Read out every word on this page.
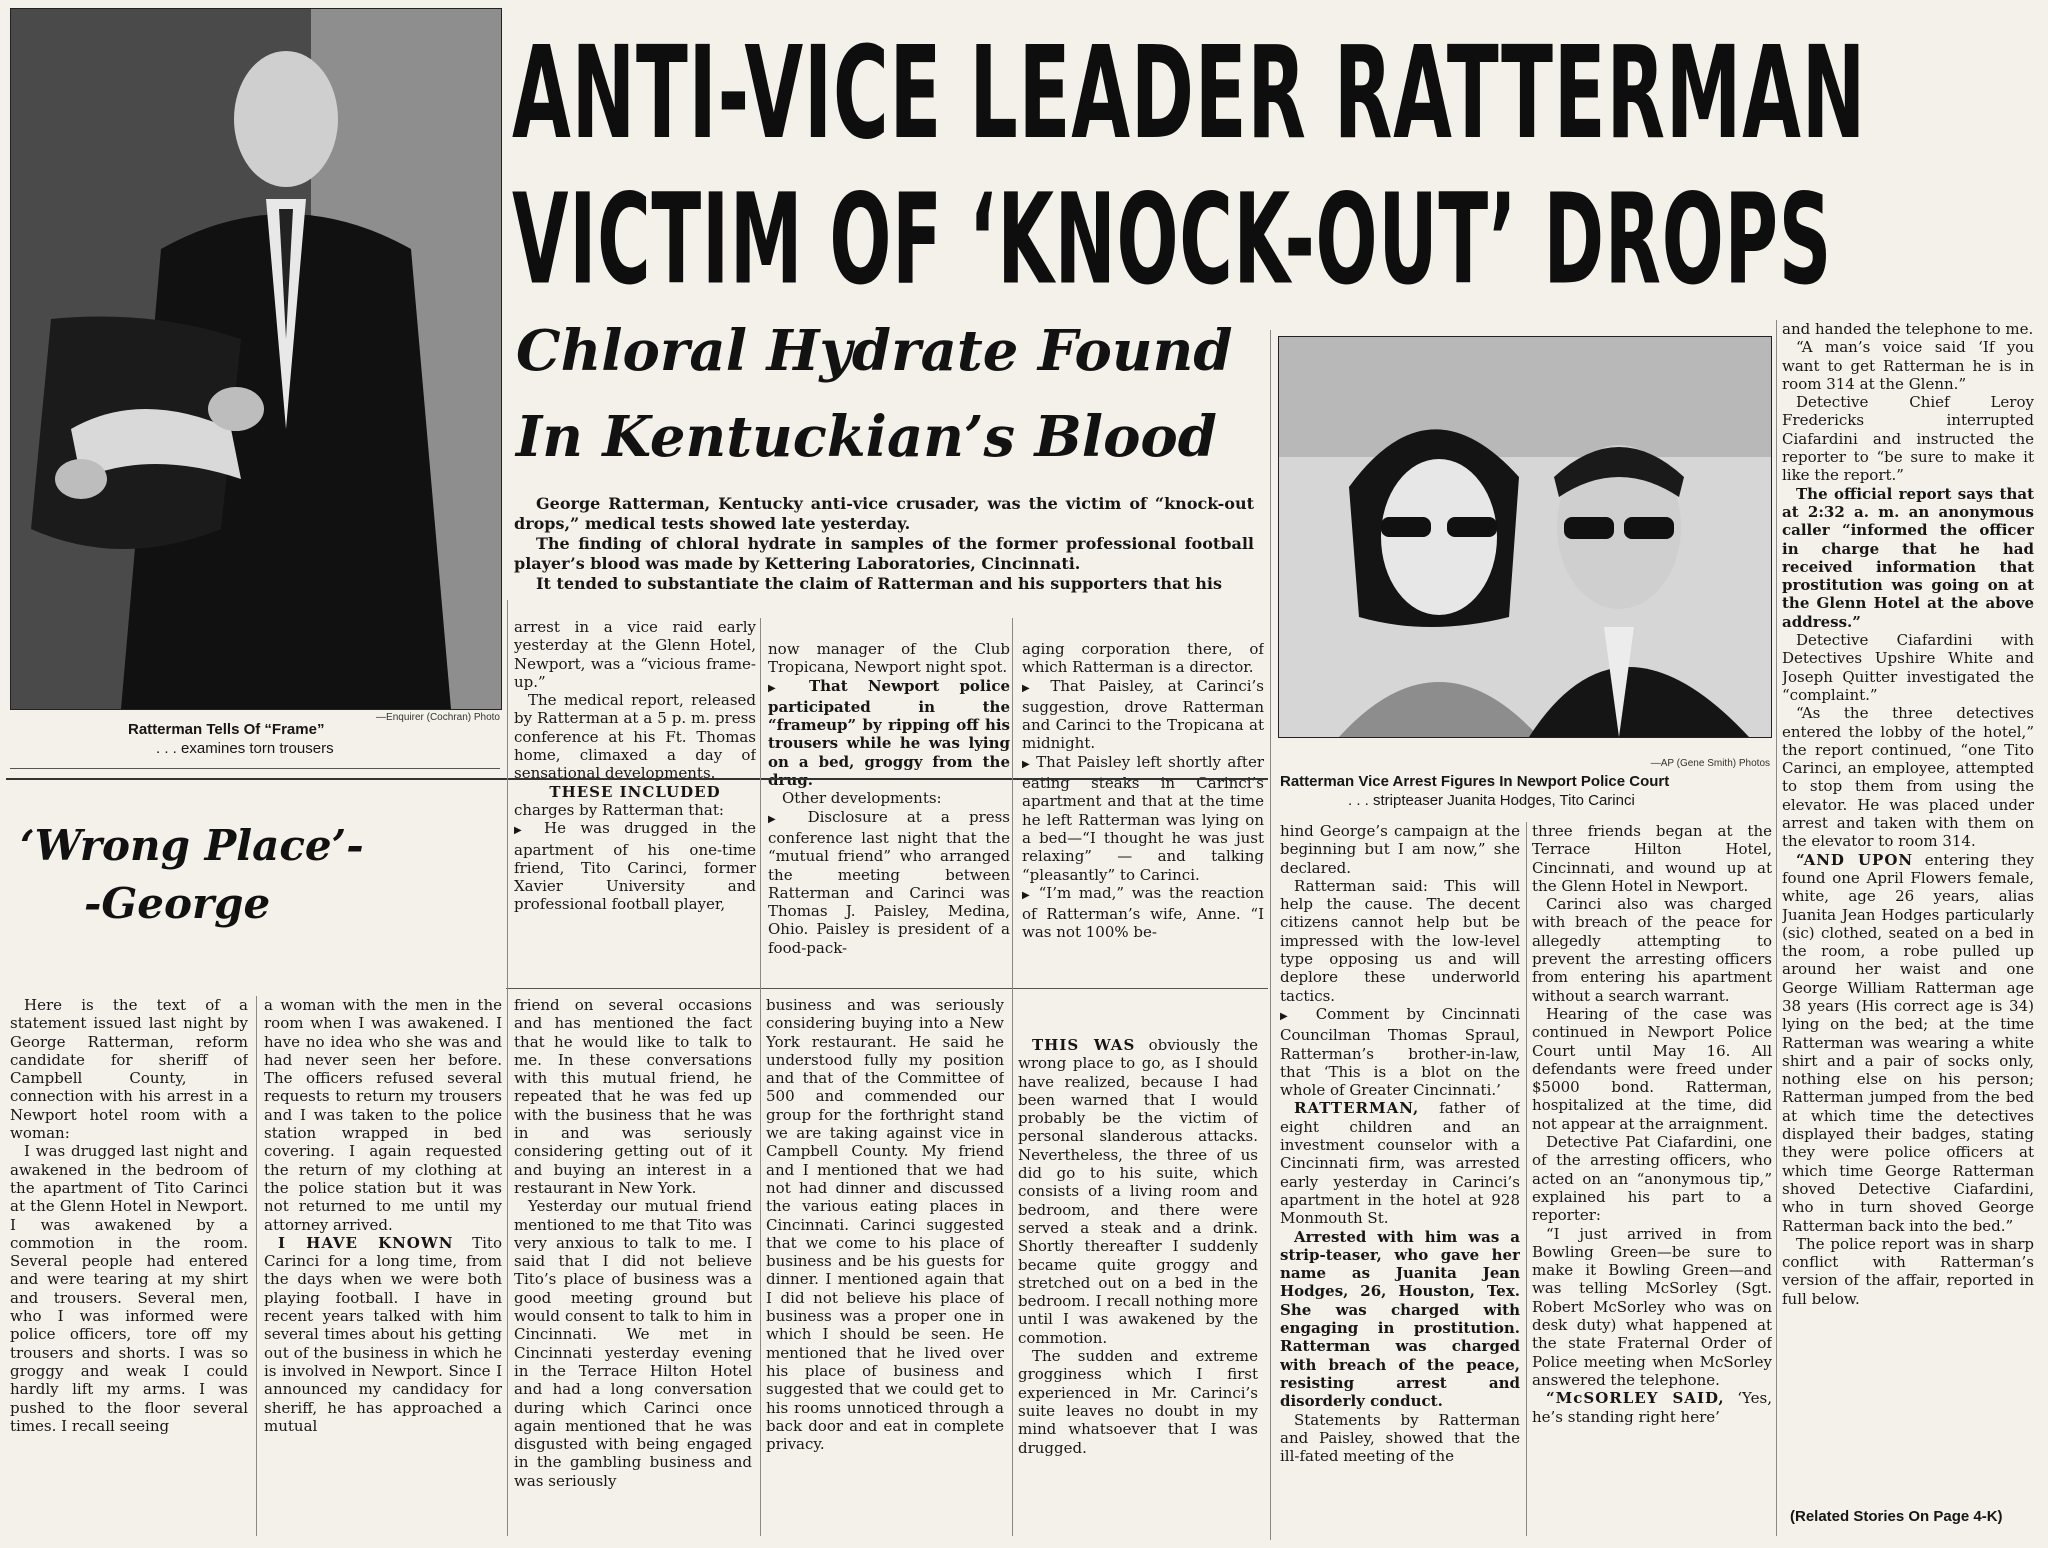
—Enquirer (Cochran) Photo
Ratterman Tells Of “Frame”
. . . examines torn trousers
ANTI-VICE LEADER RATTERMAN
VICTIM OF ‘KNOCK-OUT’ DROPS
Chloral Hydrate Found
In Kentuckian’s Blood

George Ratterman, Kentucky anti-vice crusader, was the victim of “knock-out drops,” medical tests showed late yesterday.

The finding of chloral hydrate in samples of the former professional football player’s blood was made by Kettering Laboratories, Cincinnati.

It tended to substantiate the claim of Ratterman and his supporters that his

—AP (Gene Smith) Photos
Ratterman Vice Arrest Figures In Newport Police Court
. . . stripteaser Juanita Hodges, Tito Carinci

arrest in a vice raid early yesterday at the Glenn Hotel, Newport, was a “vicious frame-up.”

The medical report, released by Ratterman at a 5 p. m. press conference at his Ft. Thomas home, climaxed a day of sensational developments.

THESE INCLUDED

charges by Ratterman that:

▶ He was drugged in the apartment of his one-time friend, Tito Carinci, former Xavier University and professional football player,

now manager of the Club Tropicana, Newport night spot.

▶ That Newport police participated in the “frameup” by ripping off his trousers while he was lying on a bed, groggy from the drug.

Other developments:

▶ Disclosure at a press conference last night that the “mutual friend” who arranged the meeting between Ratterman and Carinci was Thomas J. Paisley, Medina, Ohio. Paisley is president of a food-pack-

aging corporation there, of which Ratterman is a director.

▶ That Paisley, at Carinci’s suggestion, drove Ratterman and Carinci to the Tropicana at midnight.

▶ That Paisley left shortly after eating steaks in Carinci’s apartment and that at the time he left Ratterman was lying on a bed—“I thought he was just relaxing” — and talking “pleasantly” to Carinci.

▶ “I’m mad,” was the reaction of Ratterman’s wife, Anne. “I was not 100% be-

hind George’s campaign at the beginning but I am now,” she declared.

Ratterman said: This will help the cause. The decent citizens cannot help but be impressed with the low-level type opposing us and will deplore these underworld tactics.

▶ Comment by Cincinnati Councilman Thomas Spraul, Ratterman’s brother-in-law, that ‘This is a blot on the whole of Greater Cincinnati.’

RATTERMAN, father of eight children and an investment counselor with a Cincinnati firm, was arrested early yesterday in Carinci’s apartment in the hotel at 928 Monmouth St.

Arrested with him was a strip-teaser, who gave her name as Juanita Jean Hodges, 26, Houston, Tex. She was charged with engaging in prostitution. Ratterman was charged with breach of the peace, resisting arrest and disorderly conduct.

Statements by Ratterman and Paisley, showed that the ill-fated meeting of the

three friends began at the Terrace Hilton Hotel, Cincinnati, and wound up at the Glenn Hotel in Newport.

Carinci also was charged with breach of the peace for allegedly attempting to prevent the arresting officers from entering his apartment without a search warrant.

Hearing of the case was continued in Newport Police Court until May 16. All defendants were freed under $5000 bond. Ratterman, hospitalized at the time, did not appear at the arraignment.

Detective Pat Ciafardini, one of the arresting officers, who acted on an “anonymous tip,” explained his part to a reporter:

“I just arrived in from Bowling Green—be sure to make it Bowling Green—and was telling McSorley (Sgt. Robert McSorley who was on desk duty) what happened at the state Fraternal Order of Police meeting when McSorley answered the telephone.

“McSORLEY SAID, ‘Yes, he’s standing right here’

and handed the telephone to me.

“A man’s voice said ‘If you want to get Ratterman he is in room 314 at the Glenn.”

Detective Chief Leroy Fredericks interrupted Ciafardini and instructed the reporter to “be sure to make it like the report.”

The official report says that at 2:32 a. m. an anonymous caller “informed the officer in charge that he had received information that prostitution was going on at the Glenn Hotel at the above address.”

Detective Ciafardini with Detectives Upshire White and Joseph Quitter investigated the “complaint.”

“As the three detectives entered the lobby of the hotel,” the report continued, “one Tito Carinci, an employee, attempted to stop them from using the elevator. He was placed under arrest and taken with them on the elevator to room 314.

“AND UPON entering they found one April Flowers female, white, age 26 years, alias Juanita Jean Hodges particularly (sic) clothed, seated on a bed in the room, a robe pulled up around her waist and one George William Ratterman age 38 years (His correct age is 34) lying on the bed; at the time Ratterman was wearing a white shirt and a pair of socks only, nothing else on his person; Ratterman jumped from the bed at which time the detectives displayed their badges, stating they were police officers at which time George Ratterman shoved Detective Ciafardini, who in turn shoved George Ratterman back into the bed.”

The police report was in sharp conflict with Ratterman’s version of the affair, reported in full below.

(Related Stories On Page 4-K)
‘Wrong Place’-
-George

Here is the text of a statement issued last night by George Ratterman, reform candidate for sheriff of Campbell County, in connection with his arrest in a Newport hotel room with a woman:

I was drugged last night and awakened in the bedroom of the apartment of Tito Carinci at the Glenn Hotel in Newport. I was awakened by a commotion in the room. Several people had entered and were tearing at my shirt and trousers. Several men, who I was informed were police officers, tore off my trousers and shorts. I was so groggy and weak I could hardly lift my arms. I was pushed to the floor several times. I recall seeing

a woman with the men in the room when I was awakened. I have no idea who she was and had never seen her before. The officers refused several requests to return my trousers and I was taken to the police station wrapped in bed covering. I again requested the return of my clothing at the police station but it was not returned to me until my attorney arrived.

I HAVE KNOWN Tito Carinci for a long time, from the days when we were both playing football. I have in recent years talked with him several times about his getting out of the business in which he is involved in Newport. Since I announced my candidacy for sheriff, he has approached a mutual

friend on several occasions and has mentioned the fact that he would like to talk to me. In these conversations with this mutual friend, he repeated that he was fed up with the business that he was in and was seriously considering getting out of it and buying an interest in a restaurant in New York.

Yesterday our mutual friend mentioned to me that Tito was very anxious to talk to me. I said that I did not believe Tito’s place of business was a good meeting ground but would consent to talk to him in Cincinnati. We met in Cincinnati yesterday evening in the Terrace Hilton Hotel and had a long conversation during which Carinci once again mentioned that he was disgusted with being engaged in the gambling business and was seriously

business and was seriously considering buying into a New York restaurant. He said he understood fully my position and that of the Committee of 500 and commended our group for the forthright stand we are taking against vice in Campbell County. My friend and I mentioned that we had not had dinner and discussed the various eating places in Cincinnati. Carinci suggested that we come to his place of business and be his guests for dinner. I mentioned again that I did not believe his place of business was a proper one in which I should be seen. He mentioned that he lived over his place of business and suggested that we could get to his rooms unnoticed through a back door and eat in complete privacy.

THIS WAS obviously the wrong place to go, as I should have realized, because I had been warned that I would probably be the victim of personal slanderous attacks. Nevertheless, the three of us did go to his suite, which consists of a living room and bedroom, and there were served a steak and a drink. Shortly thereafter I suddenly became quite groggy and stretched out on a bed in the bedroom. I recall nothing more until I was awakened by the commotion.

The sudden and extreme grogginess which I first experienced in Mr. Carinci’s suite leaves no doubt in my mind whatsoever that I was drugged.
